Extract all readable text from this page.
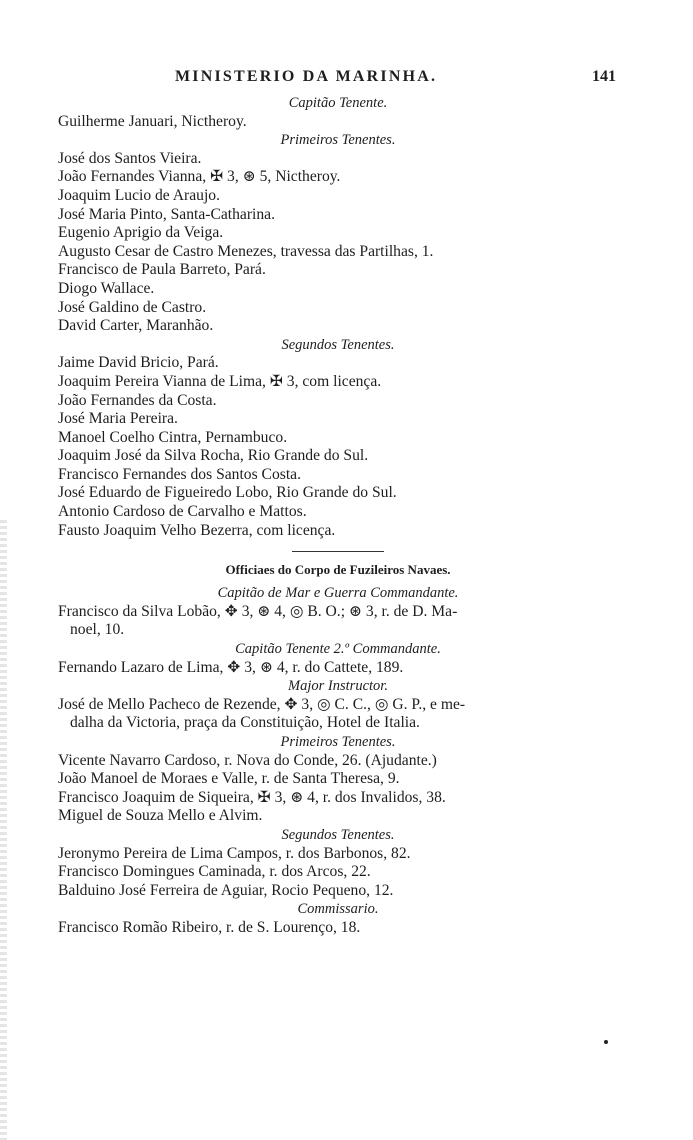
MINISTERIO DA MARINHA.	141
Capitão Tenente.
Guilherme Januari, Nictheroy.
Primeiros Tenentes.
José dos Santos Vieira.
João Fernandes Vianna, ✠ 3, ⊛ 5, Nictheroy.
Joaquim Lucio de Araujo.
José Maria Pinto, Santa-Catharina.
Eugenio Aprigio da Veiga.
Augusto Cesar de Castro Menezes, travessa das Partilhas, 1.
Francisco de Paula Barreto, Pará.
Diogo Wallace.
José Galdino de Castro.
David Carter, Maranhão.
Segundos Tenentes.
Jaime David Bricio, Pará.
Joaquim Pereira Vianna de Lima, ✠ 3, com licença.
João Fernandes da Costa.
José Maria Pereira.
Manoel Coelho Cintra, Pernambuco.
Joaquim José da Silva Rocha, Rio Grande do Sul.
Francisco Fernandes dos Santos Costa.
José Eduardo de Figueiredo Lobo, Rio Grande do Sul.
Antonio Cardoso de Carvalho e Mattos.
Fausto Joaquim Velho Bezerra, com licença.
Officiaes do Corpo de Fuzileiros Navaes.
Capitão de Mar e Guerra Commandante.
Francisco da Silva Lobão, ✥ 3, ⊛ 4, ◎ B. O.; ⊛ 3, r. de D. Ma-
noel, 10.
Capitão Tenente 2.º Commandante.
Fernando Lazaro de Lima, ✥ 3, ⊛ 4, r. do Cattete, 189.
Major Instructor.
José de Mello Pacheco de Rezende, ✥ 3, ◎ C. C., ◎ G. P., e me-
dalha da Victoria, praça da Constituição, Hotel de Italia.
Primeiros Tenentes.
Vicente Navarro Cardoso, r. Nova do Conde, 26. (Ajudante.)
João Manoel de Moraes e Valle, r. de Santa Theresa, 9.
Francisco Joaquim de Siqueira, ✠ 3, ⊛ 4, r. dos Invalidos, 38.
Miguel de Souza Mello e Alvim.
Segundos Tenentes.
Jeronymo Pereira de Lima Campos, r. dos Barbonos, 82.
Francisco Domingues Caminada, r. dos Arcos, 22.
Balduino José Ferreira de Aguiar, Rocio Pequeno, 12.
Commissario.
Francisco Romão Ribeiro, r. de S. Lourenço, 18.
